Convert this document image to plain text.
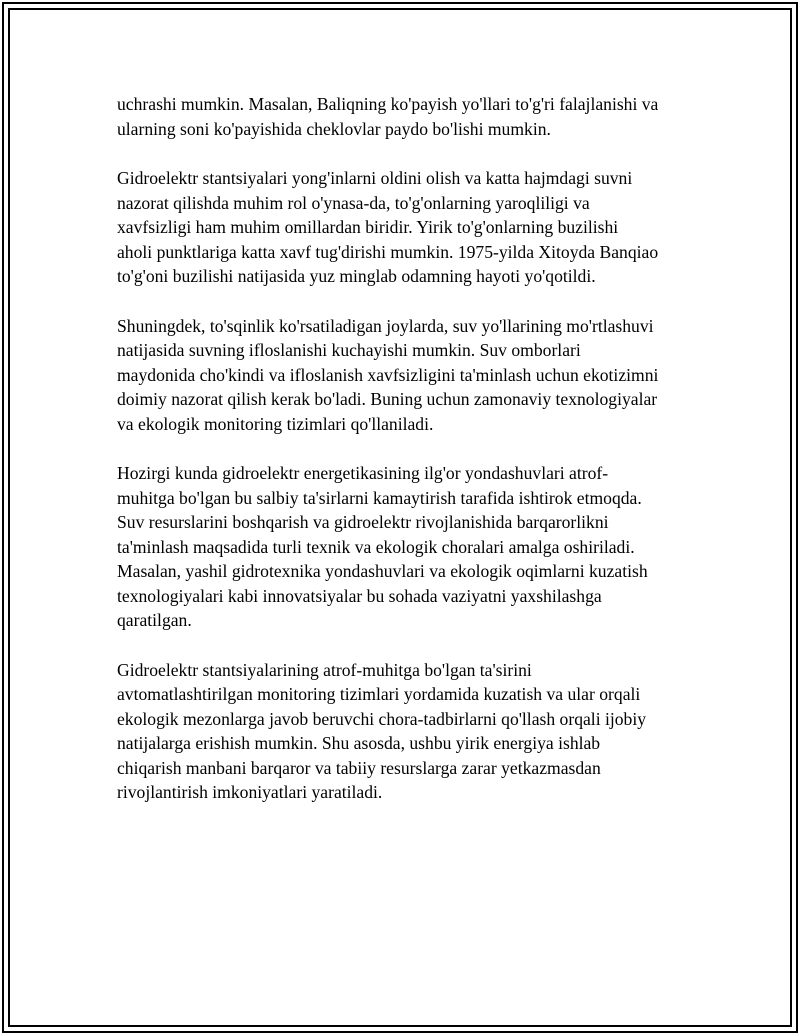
uchrashi mumkin. Masalan, Baliqning ko'payish yo'llari to'g'ri falajlanishi va
ularning soni ko'payishida cheklovlar paydo bo'lishi mumkin.

Gidroelektr stantsiyalari yong'inlarni oldini olish va katta hajmdagi suvni
nazorat qilishda muhim rol o'ynasa-da, to'g'onlarning yaroqliligi va
xavfsizligi ham muhim omillardan biridir. Yirik to'g'onlarning buzilishi
aholi punktlariga katta xavf tug'dirishi mumkin. 1975-yilda Xitoyda Banqiao
to'g'oni buzilishi natijasida yuz minglab odamning hayoti yo'qotildi.

Shuningdek, to'sqinlik ko'rsatiladigan joylarda, suv yo'llarining mo'rtlashuvi
natijasida suvning ifloslanishi kuchayishi mumkin. Suv omborlari
maydonida cho'kindi va ifloslanish xavfsizligini ta'minlash uchun ekotizimni
doimiy nazorat qilish kerak bo'ladi. Buning uchun zamonaviy texnologiyalar
va ekologik monitoring tizimlari qo'llaniladi.

Hozirgi kunda gidroelektr energetikasining ilg'or yondashuvlari atrof-
muhitga bo'lgan bu salbiy ta'sirlarni kamaytirish tarafida ishtirok etmoqda.
Suv resurslarini boshqarish va gidroelektr rivojlanishida barqarorlikni
ta'minlash maqsadida turli texnik va ekologik choralari amalga oshiriladi.
Masalan, yashil gidrotexnika yondashuvlari va ekologik oqimlarni kuzatish
texnologiyalari kabi innovatsiyalar bu sohada vaziyatni yaxshilashga
qaratilgan.

Gidroelektr stantsiyalarining atrof-muhitga bo'lgan ta'sirini
avtomatlashtirilgan monitoring tizimlari yordamida kuzatish va ular orqali
ekologik mezonlarga javob beruvchi chora-tadbirlarni qo'llash orqali ijobiy
natijalarga erishish mumkin. Shu asosda, ushbu yirik energiya ishlab
chiqarish manbani barqaror va tabiiy resurslarga zarar yetkazmasdan
rivojlantirish imkoniyatlari yaratiladi.
